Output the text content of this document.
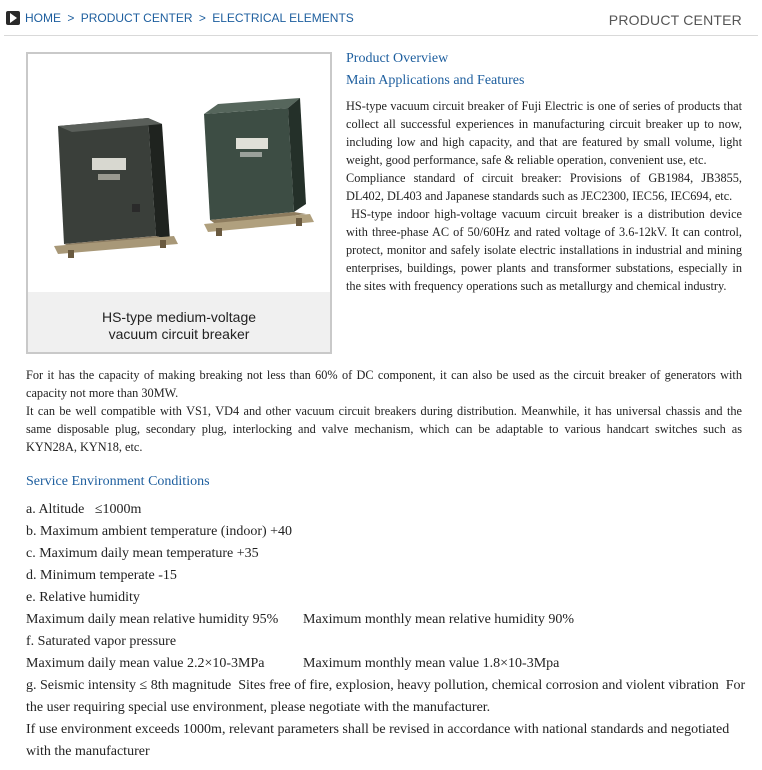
HOME > PRODUCT CENTER > ELECTRICAL ELEMENTS	PRODUCT CENTER
HS-type medium-voltage
vacuum circuit breaker
Product Overview
Main Applications and Features
HS-type vacuum circuit breaker of Fuji Electric is one of series of products that collect all successful experiences in manufacturing circuit breaker up to now, including low and high capacity, and that are featured by small volume, light weight, good performance, safe & reliable operation, convenient use, etc.
Compliance standard of circuit breaker: Provisions of GB1984, JB3855, DL402, DL403 and Japanese standards such as JEC2300, IEC56, IEC694, etc.
HS-type indoor high-voltage vacuum circuit breaker is a distribution device with three-phase AC of 50/60Hz and rated voltage of 3.6-12kV. It can control, protect, monitor and safely isolate electric installations in industrial and mining enterprises, buildings, power plants and transformer substations, especially in the sites with frequency operations such as metallurgy and chemical industry.
For it has the capacity of making breaking not less than 60% of DC component, it can also be used as the circuit breaker of generators with capacity not more than 30MW.
It can be well compatible with VS1, VD4 and other vacuum circuit breakers during distribution. Meanwhile, it has universal chassis and the same disposable plug, secondary plug, interlocking and valve mechanism, which can be adaptable to various handcart switches such as KYN28A, KYN18, etc.
Service Environment Conditions
a. Altitude   ≤1000m
b. Maximum ambient temperature (indoor) +40
c. Maximum daily mean temperature +35
d. Minimum temperate -15
e. Relative humidity
Maximum daily mean relative humidity 95% Maximum monthly mean relative humidity 90%
f. Saturated vapor pressure
Maximum daily mean value 2.2×10-3MPa	Maximum monthly mean value 1.8×10-3Mpa
g. Seismic intensity ≤ 8th magnitude  Sites free of fire, explosion, heavy pollution, chemical corrosion and violent vibration  For the user requiring special use environment, please negotiate with the manufacturer.
If use environment exceeds 1000m, relevant parameters shall be revised in accordance with national standards and negotiated with the manufacturer
